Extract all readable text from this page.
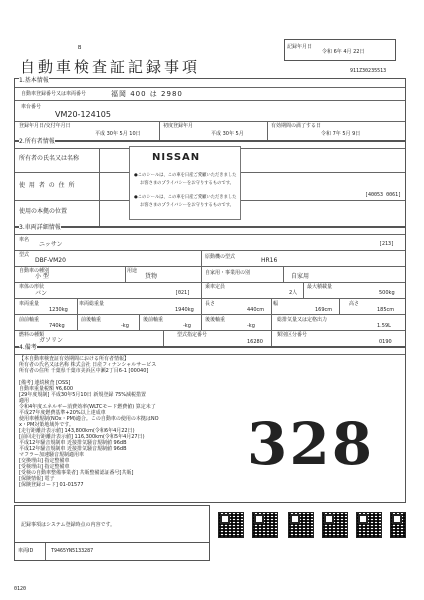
B
自動車検査証記録事項
記録年月日
令和 6年 4月 22日
911Z30235513
1.基本情報
自動車登録番号又は車両番号	福岡 400 は 2980
車台番号
VM20-124105
登録年月日/交付年月日
平成 30年 5月 10日
初度登録年月
平成 30年 5月
有効期間の満了する日
令和 7年 5月 9日
2.所有者情報
所有者の氏名又は名称
使 用 者 の 住 所
使用の本拠の位置
NISSAN
●このシールは、この車を日産ご愛顧いただきました
お客さまのプライバシーをお守りするものです。
●このシールは、この車を日産ご愛顧いただきました
お客さまのプライバシーをお守りするものです。
[40053 0061]
3.車両詳細情報
車名
ニッサン	[213]
型式
DBF-VM20	原動機の型式	HR16
自動車の種別
小 型
用途
貨物	自家用・事業用の別	自家用
車体の形状
バン	[021]
乗車定員
2人
最大積載量
500kg
車両重量
1230kg
車両総重量
1940kg
長さ
440cm
幅
169cm
高さ
185cm
前前軸重
740kg
前後軸重
-kg
後前軸重
-kg
後後軸重
-kg
総排気量又は定格出力
1.59L
燃料の種類
ガソリン
型式指定番号
16280
類別区分番号
0190
4.備考
【本自動車検査証有効期間における所有者情報】
所有者の氏名又は名称 株式会社 日産フィナンシャルサービス
所有者の住所 千葉県千葉市美浜区中瀬2丁目6-1 [00040]

[備考] 連続検査 [OSS]
自動車重量税額 ¥6,600
[29年度規制] 平成30年5月10日 新規登録 75%減税措置
適用
令和4年度エネルギー消費効率(WLTCモード燃費値) 算定未了
平成27年度燃費基準+20%以上達成車
使用車種規制(NOx・PM)適合。この自動車の使用の本拠はNO
x・PM対策地域外です。
[走行距離計表示値] 143,800km(令和6年4月22日)
[前回走行距離計表示値] 116,300km(令和5年4月27日)
平成12年騒音規制車 近接排気騒音規制値 96dB
平成12年騒音規制車 近接排気騒音規制値 96dB
マフラー加速騒音規制適用車
[交換理由] 指定整備車
[受検理由] 指定整備車
[受検の自動車整備事業者] 共販整備認証番号[共販]
[保険情報] 電子
[保険登録コード] 01-01577
328
記録事項はシステム登録時点の内容です。
車両ID	T9465YN5133287
0120
